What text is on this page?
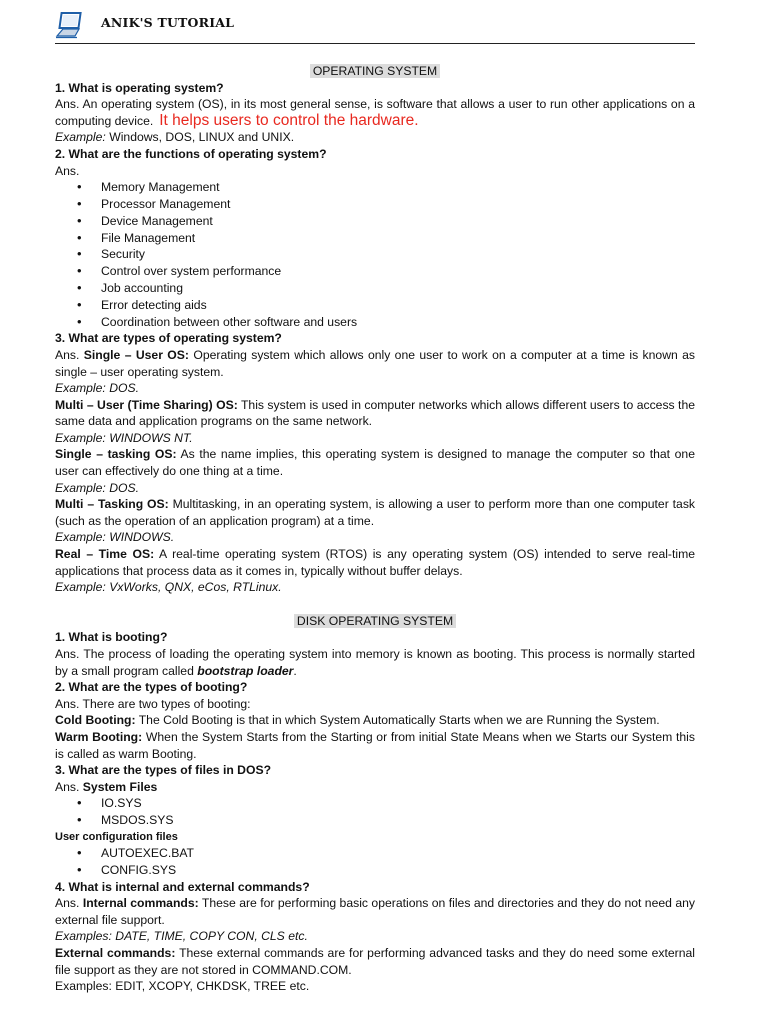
ANIK'S TUTORIAL

OPERATING SYSTEM

1. What is operating system?

Ans. An operating system (OS), in its most general sense, is software that allows a user to run other applications on a computing device. It helps users to control the hardware.

Example: Windows, DOS, LINUX and UNIX.

2. What are the functions of operating system?

Ans.

• Memory Management
• Processor Management
• Device Management
• File Management
• Security
• Control over system performance
• Job accounting
• Error detecting aids
• Coordination between other software and users

3. What are types of operating system?

Ans. Single – User OS: Operating system which allows only one user to work on a computer at a time is known as single – user operating system.

Example: DOS.

Multi – User (Time Sharing) OS: This system is used in computer networks which allows different users to access the same data and application programs on the same network.

Example: WINDOWS NT.

Single – tasking OS: As the name implies, this operating system is designed to manage the computer so that one user can effectively do one thing at a time.

Example: DOS.

Multi – Tasking OS: Multitasking, in an operating system, is allowing a user to perform more than one computer task (such as the operation of an application program) at a time.

Example: WINDOWS.

Real – Time OS: A real-time operating system (RTOS) is any operating system (OS) intended to serve real-time applications that process data as it comes in, typically without buffer delays.

Example: VxWorks, QNX, eCos, RTLinux.

DISK OPERATING SYSTEM

1. What is booting?

Ans. The process of loading the operating system into memory is known as booting. This process is normally started by a small program called bootstrap loader.

2. What are the types of booting?

Ans. There are two types of booting:

Cold Booting: The Cold Booting is that in which System Automatically Starts when we are Running the System.

Warm Booting: When the System Starts from the Starting or from initial State Means when we Starts our System this is called as warm Booting.

3. What are the types of files in DOS?

Ans. System Files

• IO.SYS
• MSDOS.SYS

User configuration files

• AUTOEXEC.BAT
• CONFIG.SYS

4. What is internal and external commands?

Ans. Internal commands: These are for performing basic operations on files and directories and they do not need any external file support.

Examples: DATE, TIME, COPY CON, CLS etc.

External commands: These external commands are for performing advanced tasks and they do need some external file support as they are not stored in COMMAND.COM.

Examples: EDIT, XCOPY, CHKDSK, TREE etc.
